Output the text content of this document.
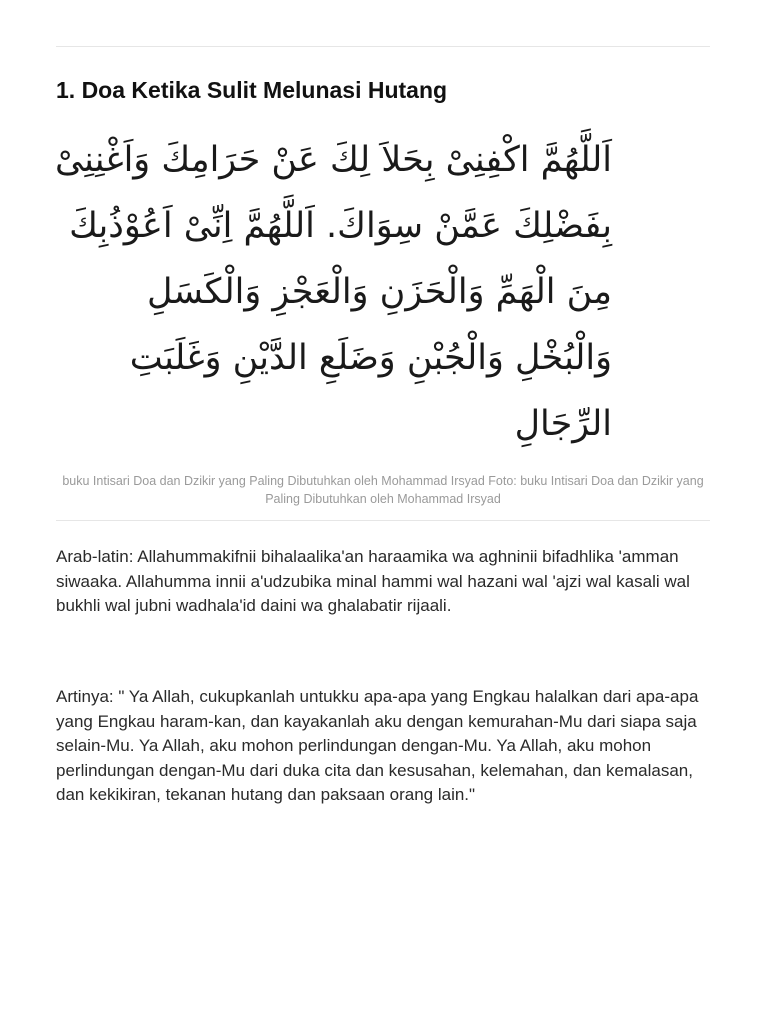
1. Doa Ketika Sulit Melunasi Hutang
اَللَّهُمَّ اكْفِنِىْ بِحَلاَ لِكَ عَنْ حَرَامِكَ وَاَغْنِنِىْ
بِفَضْلِكَ عَمَّنْ سِوَاكَ. اَللَّهُمَّ اِنِّىْ اَعُوْذُبِكَ
مِنَ الْهَمِّ وَالْحَزَنِ وَالْعَجْزِ وَالْكَسَلِ
وَالْبُخْلِ وَالْجُبْنِ وَضَلَعِ الدَّيْنِ وَغَلَبَتِ
الرِّجَالِ

buku Intisari Doa dan Dzikir yang Paling Dibutuhkan oleh Mohammad Irsyad Foto: buku Intisari Doa dan Dzikir yang Paling Dibutuhkan oleh Mohammad Irsyad

Arab-latin: Allahummakifnii bihalaalika'an haraamika wa aghninii bifadhlika 'amman siwaaka. Allahumma innii a'udzubika minal hammi wal hazani wal 'ajzi wal kasali wal bukhli wal jubni wadhala'id daini wa ghalabatir rijaali.

Artinya: " Ya Allah, cukupkanlah untukku apa-apa yang Engkau halalkan dari apa-apa yang Engkau haram-kan, dan kayakanlah aku dengan kemurahan-Mu dari siapa saja selain-Mu. Ya Allah, aku mohon perlindungan dengan-Mu. Ya Allah, aku mohon perlindungan dengan-Mu dari duka cita dan kesusahan, kelemahan, dan kemalasan, dan kekikiran, tekanan hutang dan paksaan orang lain."
